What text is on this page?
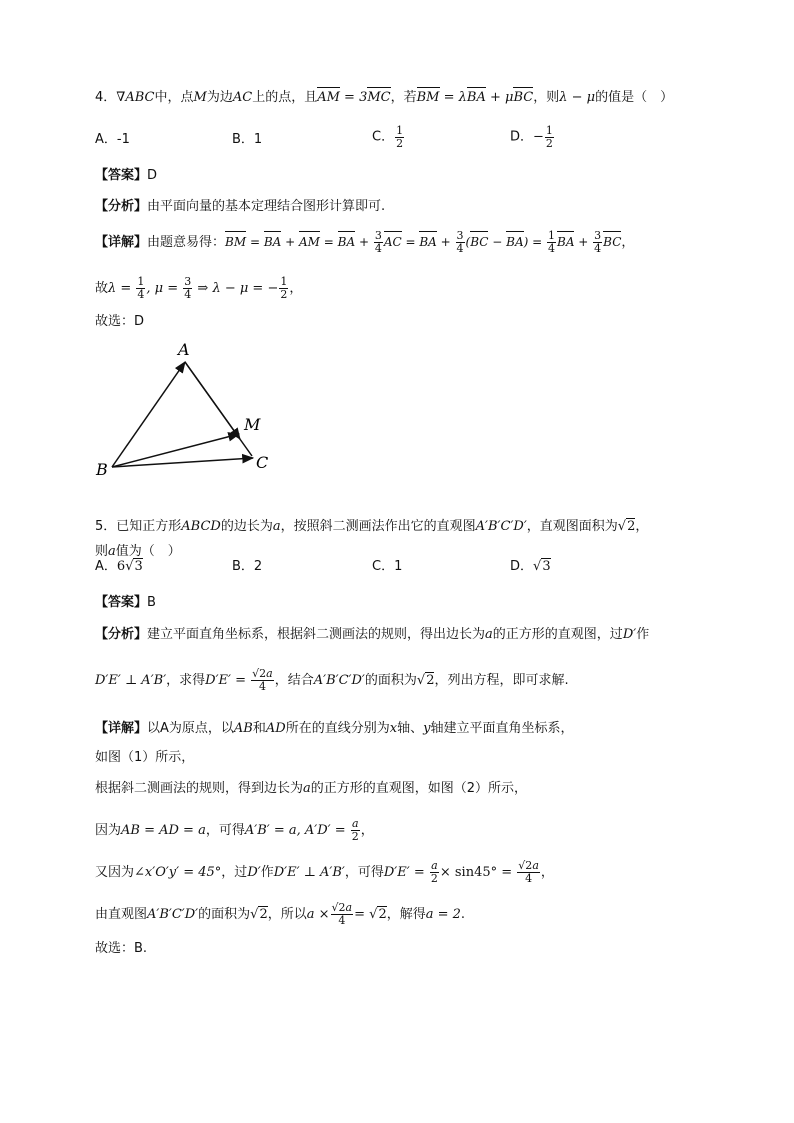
4．∇ABC中，点M为边AC上的点，且AM = 3MC，若BM = λBA + μBC，则λ − μ的值是（　）
A．-1	B．1	C． $\frac{1}{2}$	D．− $\frac{1}{2}$
【答案】D
【分析】由平面向量的基本定理结合图形计算即可.
【详解】由题意易得：BM = BA + AM = BA + $\frac{3}{4}$ AC = BA + $\frac{3}{4} (BC - BA) = \frac{1}{4}$ BA + $\frac{3}{4}$ BC，
故$\lambda = \frac{1}{4}$ , $\mu = \frac{3}{4}$ ⇒ λ − μ = − $\frac{1}{2}$ ，
故选：D
A
B	C
M
5．已知正方形ABCD的边长为a，按照斜二测画法作出它的直观图A′B′C′D′，直观图面积为√2，
则a值为（　）
A．6√3	B．2	C．1	D．√3
【答案】B
【分析】建立平面直角坐标系，根据斜二测画法的规则，得出边长为a的正方形的直观图，过D′作
D′E′ ⊥ A′B′，求得$D'E' = \frac{√2a}{4}$ ，结合A′B′C′D′的面积为√2，列出方程，即可求解.
【详解】以A为原点，以AB和AD所在的直线分别为x轴、y轴建立平面直角坐标系，
如图（1）所示，
根据斜二测画法的规则，得到边长为a的正方形的直观图，如图（2）所示，
因为AB = AD = a，可得A′B′ = a, $A'D' = \frac{a}{2}$ ，
又因为∠x′O′y′ = 45°，过D′作D′E′ ⊥ A′B′，可得$D'E' = \frac{a}{2} \times \sin 45^\circ = \frac{√2a}{4}$ ，
由直观图A′B′C′D′的面积为√2，所以$a \times \frac{√2a}{4} = √2$，解得a = 2.
故选：B.
